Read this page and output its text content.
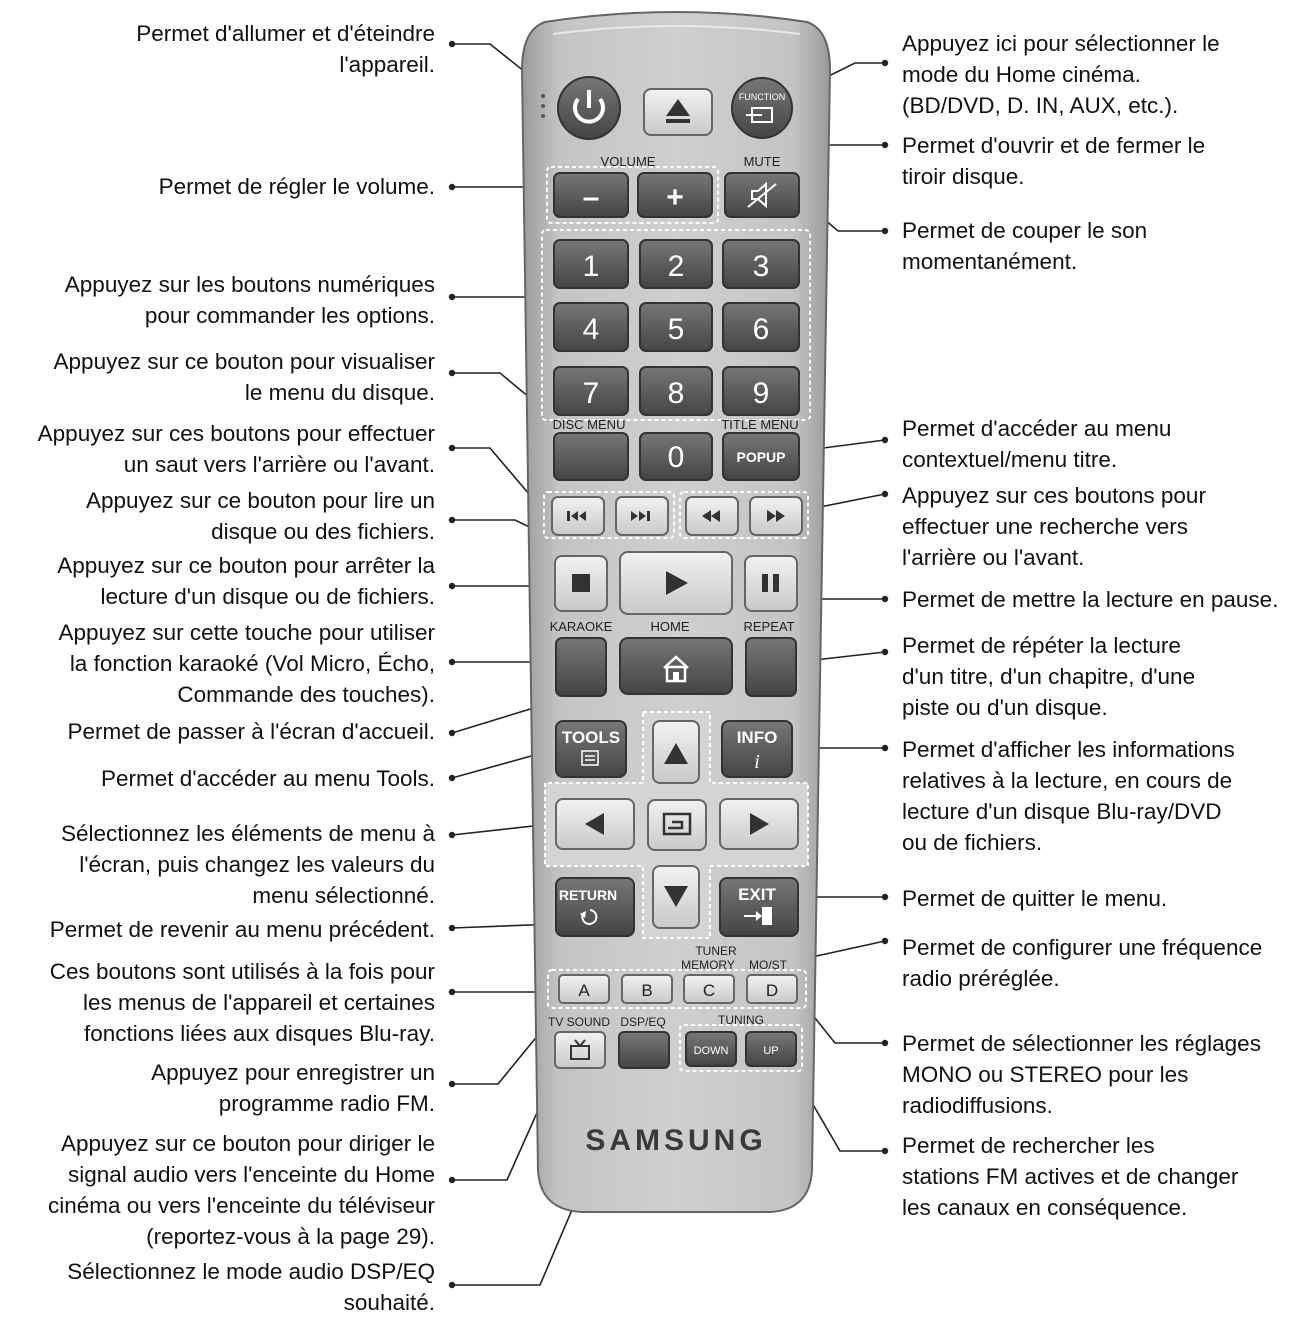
FUNCTION
VOLUME
– +
MUTE
1 2 3
4 5 6
7 8 9
DISC MENU
0
TITLE MENU
POPUP
KARAOKE	HOME	REPEAT
TOOLS	INFO
i
RETURN	EXIT
TUNER
MEMORY MO/ST
A	B	C	D
TV SOUND DSP/EQ	TUNING
DOWN	UP
SAMSUNG
Permet d'allumer et d'éteindre
l'appareil.
Permet de régler le volume.
Appuyez sur les boutons numériques
pour commander les options.
Appuyez sur ce bouton pour visualiser
le menu du disque.
Appuyez sur ces boutons pour effectuer
un saut vers l'arrière ou l'avant.
Appuyez sur ce bouton pour lire un
disque ou des fichiers.
Appuyez sur ce bouton pour arrêter la
lecture d'un disque ou de fichiers.
Appuyez sur cette touche pour utiliser
la fonction karaoké (Vol Micro, Écho,
Commande des touches).
Permet de passer à l'écran d'accueil.
Permet d'accéder au menu Tools.
Sélectionnez les éléments de menu à
l'écran, puis changez les valeurs du
menu sélectionné.
Permet de revenir au menu précédent.
Ces boutons sont utilisés à la fois pour
les menus de l'appareil et certaines
fonctions liées aux disques Blu-ray.
Appuyez pour enregistrer un
programme radio FM.
Appuyez sur ce bouton pour diriger le
signal audio vers l'enceinte du Home
cinéma ou vers l'enceinte du téléviseur
(reportez-vous à la page 29).
Sélectionnez le mode audio DSP/EQ
souhaité.
Appuyez ici pour sélectionner le
mode du Home cinéma.
(BD/DVD, D. IN, AUX, etc.).
Permet d'ouvrir et de fermer le
tiroir disque.
Permet de couper le son
momentanément.
Permet d'accéder au menu
contextuel/menu titre.
Appuyez sur ces boutons pour
effectuer une recherche vers
l'arrière ou l'avant.
Permet de mettre la lecture en pause.
Permet de répéter la lecture
d'un titre, d'un chapitre, d'une
piste ou d'un disque.
Permet d'afficher les informations
relatives à la lecture, en cours de
lecture d'un disque Blu-ray/DVD
ou de fichiers.
Permet de quitter le menu.
Permet de configurer une fréquence
radio préréglée.
Permet de sélectionner les réglages
MONO ou STEREO pour les
radiodiffusions.
Permet de rechercher les
stations FM actives et de changer
les canaux en conséquence.
